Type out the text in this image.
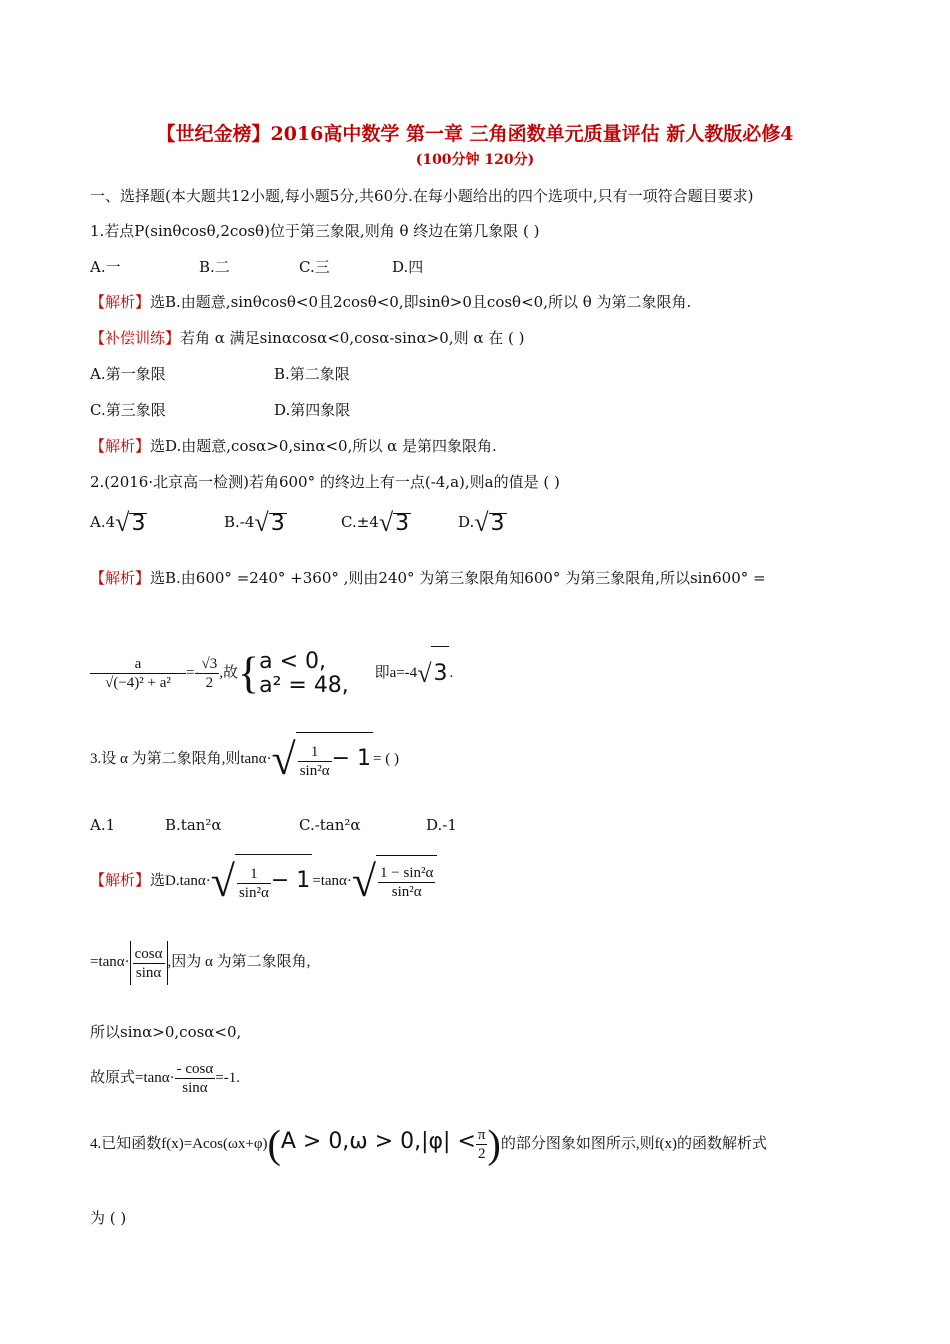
【世纪金榜】2016高中数学 第一章 三角函数单元质量评估 新人教版必修4
(100分钟 120分)
一、选择题(本大题共12小题,每小题5分,共60分.在每小题给出的四个选项中,只有一项符合题目要求)
1.若点P(sinθcosθ,2cosθ)位于第三象限,则角 θ 终边在第几象限 ( )
A.一	B.二	C.三	D.四
【解析】选B.由题意,sinθcosθ<0且2cosθ<0,即sinθ>0且cosθ<0,所以 θ 为第二象限角.
【补偿训练】若角 α 满足sinαcosα<0,cosα-sinα>0,则 α 在 ( )
A.第一象限	B.第二象限
C.第三象限	D.第四象限
【解析】选D.由题意,cosα>0,sinα<0,所以 α 是第四象限角.
2.(2016·北京高一检测)若角600° 的终边上有一点(-4,a),则a的值是 ( )
A.4√3	B.-4√3	C.±4√3	D.√3
【解析】选B.由600° =240° +360° ,则由240° 为第三象限角知600° 为第三象限角,所以sin600° =
$\frac{a}{\text{√(−4)² + a²}} =- \frac{√3}{2}$ ,故{ a < 0,
a² = 48, 即a=-4√3 .
3.设 α 为第二象限角,则$\tan\alpha\cdot√ \frac{1}{\text{sin²α}} - 1$ = ( )
A.1	B.tan²α	C.-tan²α	D.-1
【解析】选$D.\tan\alpha\cdot√ \frac{1}{\text{sin²α}} - 1 =\tan\alpha\cdot√ \frac{\text{1 − sin²α}}{\text{sin²α}}$
$=\tan\alpha\cdot \frac{\cos\alpha}{\sin\alpha}$ ,因为 α 为第二象限角,
所以sinα>0,cosα<0,
故原式$=\tan\alpha\cdot \frac{- \cos\alpha}{\sin\alpha} =-1$.
4.已知函数$f(x)=Acos(\omega x+\varphi)(A > 0,\omega > 0,|\varphi| < \frac{\pi}{2}$ )的部分图象如图所示,则f(x)的函数解析式
为 ( )
